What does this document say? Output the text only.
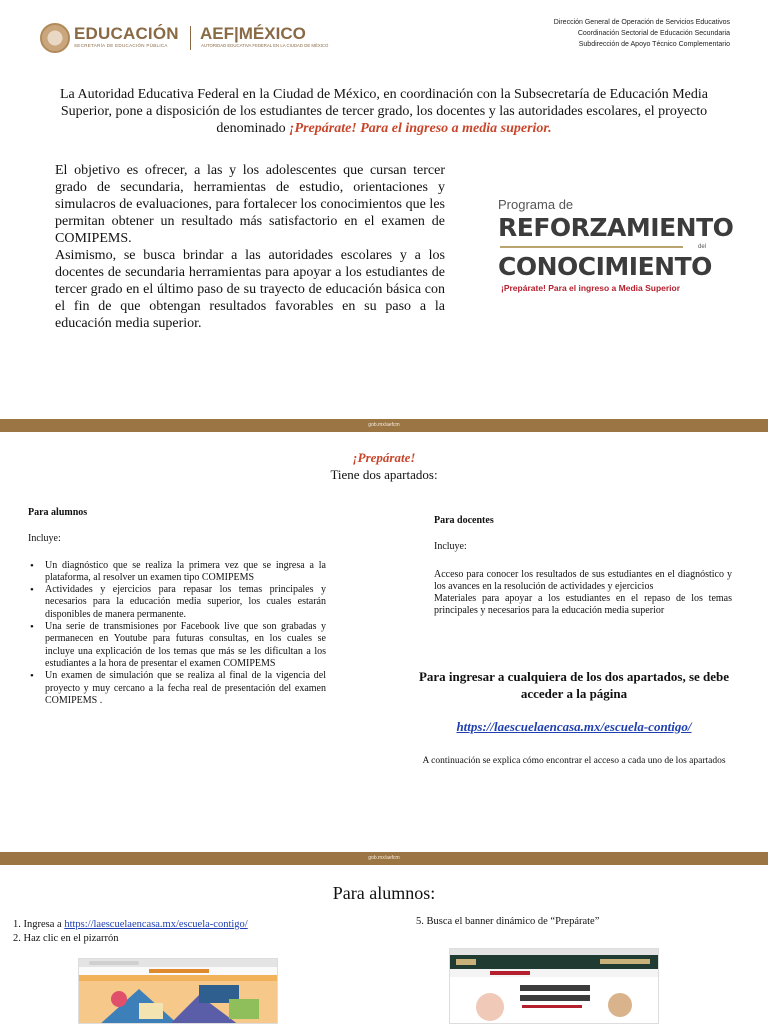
EDUCACIÓN
SECRETARÍA DE EDUCACIÓN PÚBLICA
AEF|MÉXICO
AUTORIDAD EDUCATIVA FEDERAL EN LA CIUDAD DE MÉXICO
Dirección General de Operación de Servicios Educativos
Coordinación Sectorial de Educación Secundaria
Subdirección de Apoyo Técnico Complementario
La Autoridad Educativa Federal en la Ciudad de México, en coordinación con la Subsecretaría de Educación Media Superior, pone a disposición de los estudiantes de tercer grado, los docentes y las autoridades escolares, el proyecto denominado ¡Prepárate! Para el ingreso a media superior.

El objetivo es ofrecer, a las y los adolescentes que cursan tercer grado de secundaria, herramientas de estudio, orientaciones y simulacros de evaluaciones, para fortalecer los conocimientos que les permitan obtener un resultado más satisfactorio en el examen de COMIPEMS.

Asimismo, se busca brindar a las autoridades escolares y a los docentes de secundaria herramientas para apoyar a los estudiantes de tercer grado en el último paso de su trayecto de educación básica con el fin de que obtengan resultados favorables en su paso a la educación media superior.

Programa de
REFORZAMIENTO
del
CONOCIMIENTO
¡Prepárate! Para el ingreso a Media Superior
gob.mx/aefcm
¡Prepárate!
Tiene dos apartados:
Para alumnos

Incluye:

• Un diagnóstico que se realiza la primera vez que se ingresa a la plataforma, al resolver un examen tipo COMIPEMS
• Actividades y ejercicios para repasar los temas principales y necesarios para la educación media superior, los cuales estarán disponibles de manera permanente.
• Una serie de transmisiones por Facebook live que son grabadas y permanecen en Youtube para futuras consultas, en los cuales se incluye una explicación de los temas que más se les dificultan a los estudiantes a la hora de presentar el examen COMIPEMS
• Un examen de simulación que se realiza al final de la vigencia del proyecto y muy cercano a la fecha real de presentación del examen COMIPEMS .
Para docentes

Incluye:

Acceso para conocer los resultados de sus estudiantes en el diagnóstico y los avances en la resolución de actividades y ejercicios

Materiales para apoyar a los estudiantes en el repaso de los temas principales y necesarios para la educación media superior

Para ingresar a cualquiera de los dos apartados, se debe acceder a la página
https://laescuelaencasa.mx/escuela-contigo/
A continuación se explica cómo encontrar el acceso a cada uno de los apartados
gob.mx/aefcm
Para alumnos:
1. Ingresa a https://laescuelaencasa.mx/escuela-contigo/
2. Haz clic en el pizarrón
5. Busca el banner dinámico de “Prepárate”
